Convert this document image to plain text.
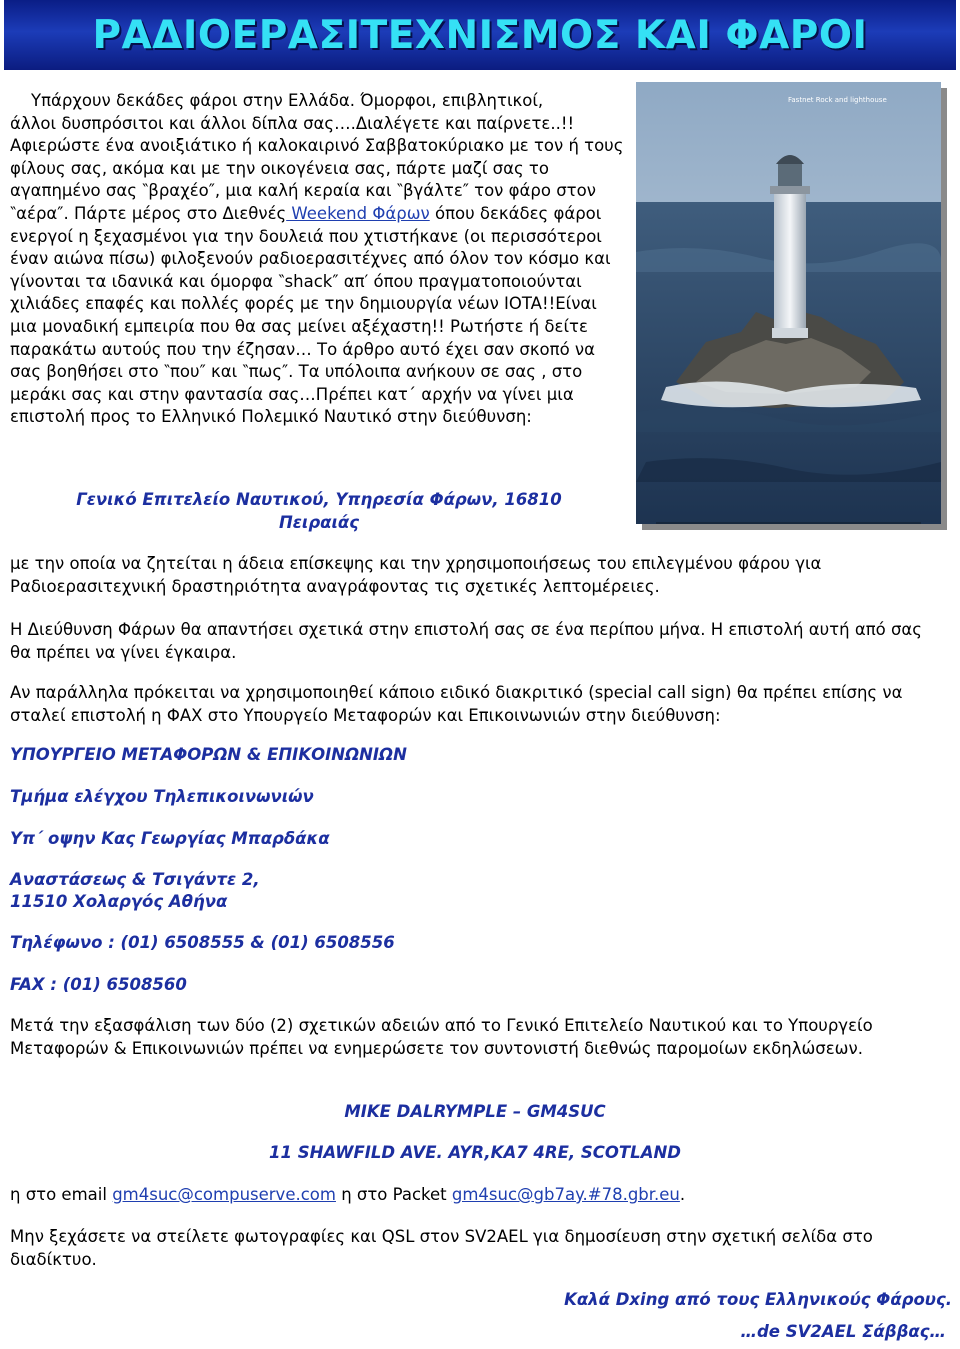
ΡΑΔΙΟΕΡΑΣΙΤΕΧΝΙΣΜΟΣ ΚΑΙ ΦΑΡΟΙ

Υπάρχουν δεκάδες φάροι στην Ελλάδα. Όμορφοι, επιβλητικοί,

άλλοι δυσπρόσιτοι και άλλοι δίπλα σας….Διαλέγετε και παίρνετε..!!

Αφιερώστε ένα ανοιξιάτικο ή καλοκαιρινό Σαββατοκύριακο με τον ή τους φίλους σας, ακόμα και με την οικογένεια σας, πάρτε μαζί σας το αγαπημένο σας ‶βραχέο″, μια καλή κεραία και ‶βγάλτε″ τον φάρο στον ‶αέρα″. Πάρτε μέρος στο Διεθνές Weekend Φάρων όπου δεκάδες φάροι ενεργοί η ξεχασμένοι για την δουλειά που χτιστήκανε (οι περισσότεροι έναν αιώνα πίσω) φιλοξενούν ραδιοερασιτέχνες από όλον τον κόσμο και γίνονται τα ιδανικά και όμορφα ‶shack″ απ′ όπου πραγματοποιούνται χιλιάδες επαφές και πολλές φορές με την δημιουργία νέων IOTA!!Είναι μια μοναδική εμπειρία που θα σας μείνει αξέχαστη!! Ρωτήστε ή δείτε παρακάτω αυτούς που την έζησαν… Το άρθρο αυτό έχει σαν σκοπό να σας βοηθήσει στο ‶που″ και ‶πως″. Τα υπόλοιπα ανήκουν σε σας , στο μεράκι σας και στην φαντασία σας…Πρέπει κατ΄ αρχήν να γίνει μια επιστολή προς το Ελληνικό Πολεμικό Ναυτικό στην διεύθυνση:

Γενικό Επιτελείο Ναυτικού, Υπηρεσία Φάρων, 16810
Πειραιάς
Fastnet Rock and lighthouse

με την οποία να ζητείται η άδεια επίσκεψης και την χρησιμοποιήσεως του επιλεγμένου φάρου για Ραδιοερασιτεχνική δραστηριότητα αναγράφοντας τις σχετικές λεπτομέρειες.

Η Διεύθυνση Φάρων θα απαντήσει σχετικά στην επιστολή σας σε ένα περίπου μήνα. Η επιστολή αυτή από σας θα πρέπει να γίνει έγκαιρα.

Αν παράλληλα πρόκειται να χρησιμοποιηθεί κάποιο ειδικό διακριτικό (special call sign) θα πρέπει επίσης να σταλεί επιστολή η ΦΑΧ στο Υπουργείο Μεταφορών και Επικοινωνιών στην διεύθυνση:

ΥΠΟΥΡΓΕΙΟ ΜΕΤΑΦΟΡΩΝ & ΕΠΙΚΟΙΝΩΝΙΩΝ
Τμήμα ελέγχου Τηλεπικοινωνιών
Υπ΄ οψην Κας Γεωργίας Μπαρδάκα
Αναστάσεως & Τσιγάντε 2,
11510 Χολαργός Αθήνα
Τηλέφωνο : (01) 6508555 & (01) 6508556
FAX : (01) 6508560

Μετά την εξασφάλιση των δύο (2) σχετικών αδειών από το Γενικό Επιτελείο Ναυτικού και το Υπουργείο Μεταφορών & Επικοινωνιών πρέπει να ενημερώσετε τον συντονιστή διεθνώς παρομοίων εκδηλώσεων.

MIKE DALRYMPLE – GM4SUC
11 SHAWFILD AVE. AYR,KA7 4RE, SCOTLAND
η στο email gm4suc@compuserve.com η στο Packet gm4suc@gb7ay.#78.gbr.eu.

Μην ξεχάσετε να στείλετε φωτογραφίες και QSL στον SV2AEL για δημοσίευση στην σχετική σελίδα στο διαδίκτυο.

Καλά Dxing από τους Ελληνικούς Φάρους.
…de SV2AEL Σάββας…
